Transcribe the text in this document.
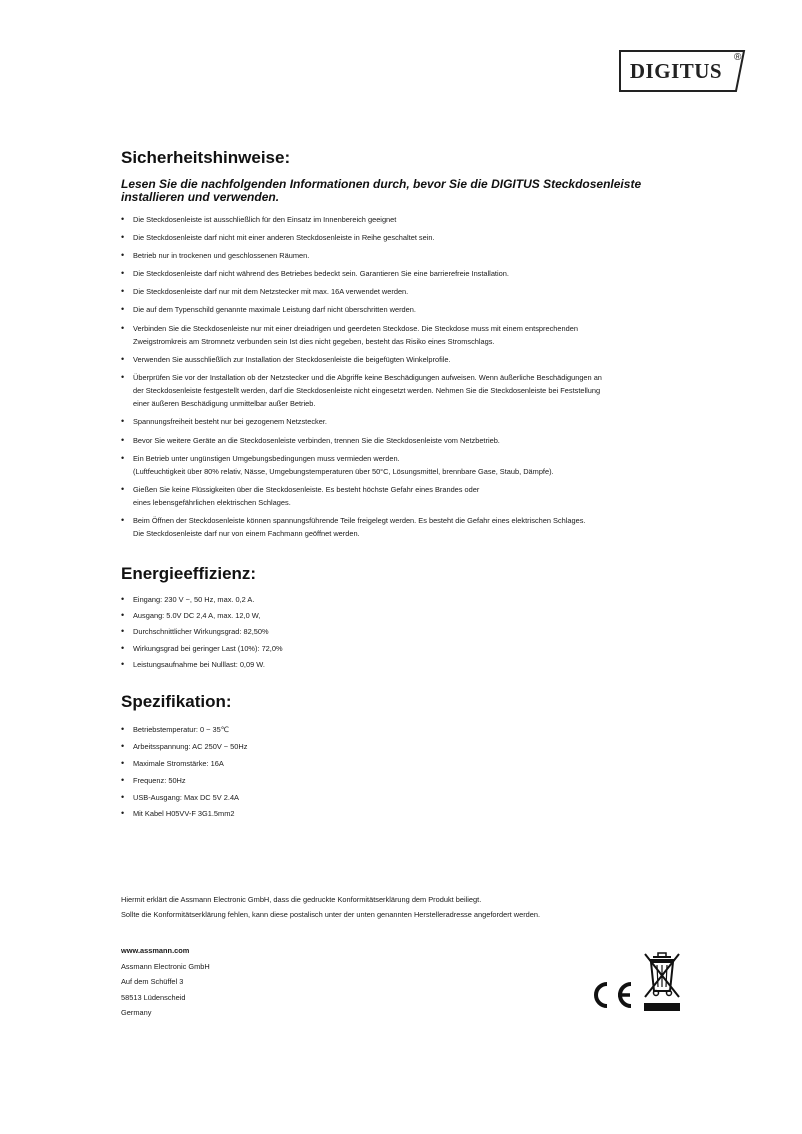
DIGITUS
®
Sicherheitshinweise:

Lesen Sie die nachfolgenden Informationen durch, bevor Sie die DIGITUS Steckdosenleiste installieren und verwenden.

• Die Steckdosenleiste ist ausschließlich für den Einsatz im Innenbereich geeignet
• Die Steckdosenleiste darf nicht mit einer anderen Steckdosenleiste in Reihe geschaltet sein.
• Betrieb nur in trockenen und geschlossenen Räumen.
• Die Steckdosenleiste darf nicht während des Betriebes bedeckt sein. Garantieren Sie eine barrierefreie Installation.
• Die Steckdosenleiste darf nur mit dem Netzstecker mit max. 16A verwendet werden.
• Die auf dem Typenschild genannte maximale Leistung darf nicht überschritten werden.
• Verbinden Sie die Steckdosenleiste nur mit einer dreiadrigen und geerdeten Steckdose. Die Steckdose muss mit einem entsprechenden
Zweigstromkreis am Stromnetz verbunden sein Ist dies nicht gegeben, besteht das Risiko eines Stromschlags.
• Verwenden Sie ausschließlich zur Installation der Steckdosenleiste die beigefügten Winkelprofile.
• Überprüfen Sie vor der Installation ob der Netzstecker und die Abgriffe keine Beschädigungen aufweisen. Wenn äußerliche Beschädigungen an
der Steckdosenleiste festgestellt werden, darf die Steckdosenleiste nicht eingesetzt werden. Nehmen Sie die Steckdosenleiste bei Feststellung
einer äußeren Beschädigung unmittelbar außer Betrieb.
• Spannungsfreiheit besteht nur bei gezogenem Netzstecker.
• Bevor Sie weitere Geräte an die Steckdosenleiste verbinden, trennen Sie die Steckdosenleiste vom Netzbetrieb.
• Ein Betrieb unter ungünstigen Umgebungsbedingungen muss vermieden werden.
(Luftfeuchtigkeit über 80% relativ, Nässe, Umgebungstemperaturen über 50°C, Lösungsmittel, brennbare Gase, Staub, Dämpfe).
• Gießen Sie keine Flüssigkeiten über die Steckdosenleiste. Es besteht höchste Gefahr eines Brandes oder
eines lebensgefährlichen elektrischen Schlages.
• Beim Öffnen der Steckdosenleiste können spannungsführende Teile freigelegt werden. Es besteht die Gefahr eines elektrischen Schlages.
Die Steckdosenleiste darf nur von einem Fachmann geöffnet werden.
Energieeffizienz:
• Eingang: 230 V ~, 50 Hz, max. 0,2 A.
• Ausgang: 5.0V DC 2,4 A, max. 12,0 W,
• Durchschnittlicher Wirkungsgrad: 82,50%
• Wirkungsgrad bei geringer Last (10%): 72,0%
• Leistungsaufnahme bei Nulllast: 0,09 W.
Spezifikation:
• Betriebstemperatur: 0 ~ 35℃
• Arbeitsspannung: AC 250V ~ 50Hz
• Maximale Stromstärke: 16A
• Frequenz: 50Hz
• USB-Ausgang: Max DC 5V 2.4A
• Mit Kabel H05VV-F 3G1.5mm2
Hiermit erklärt die Assmann Electronic GmbH, dass die gedruckte Konformitätserklärung dem Produkt beiliegt.
Sollte die Konformitätserklärung fehlen, kann diese postalisch unter der unten genannten Herstelleradresse angefordert werden.
www.assmann.com
Assmann Electronic GmbH
Auf dem Schüffel 3
58513 Lüdenscheid
Germany
